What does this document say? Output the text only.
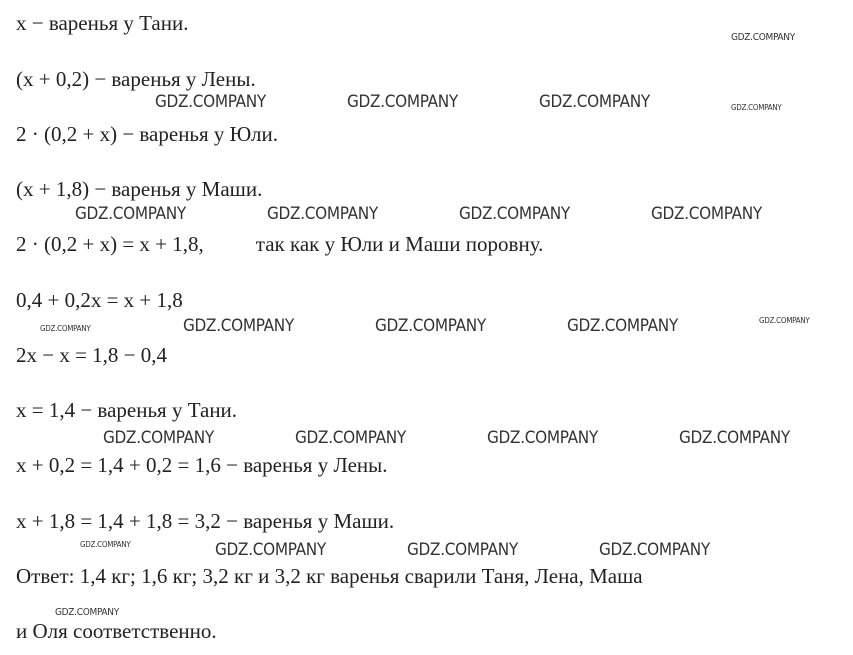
x − варенья у Тани.
(x + 0,2) − варенья у Лены.
2 · (0,2 + x) − варенья у Юли.
(x + 1,8) − варенья у Маши.
2 · (0,2 + x) = x + 1,8, так как у Юли и Маши поровну.
0,4 + 0,2x = x + 1,8
2x − x = 1,8 − 0,4
x = 1,4 − варенья у Тани.
x + 0,2 = 1,4 + 0,2 = 1,6 − варенья у Лены.
x + 1,8 = 1,4 + 1,8 = 3,2 − варенья у Маши.
Ответ: 1,4 кг; 1,6 кг; 3,2 кг и 3,2 кг варенья сварили Таня, Лена, Маша
и Оля соответственно.
GDZ.COMPANY
GDZ.COMPANY	GDZ.COMPANY	GDZ.COMPANY	GDZ.COMPANY
GDZ.COMPANY	GDZ.COMPANY	GDZ.COMPANY	GDZ.COMPANY
GDZ.COMPANY	GDZ.COMPANY	GDZ.COMPANY	GDZ.COMPANY	GDZ.COMPANY
GDZ.COMPANY	GDZ.COMPANY	GDZ.COMPANY	GDZ.COMPANY
GDZ.COMPANY	GDZ.COMPANY	GDZ.COMPANY	GDZ.COMPANY
GDZ.COMPANY
